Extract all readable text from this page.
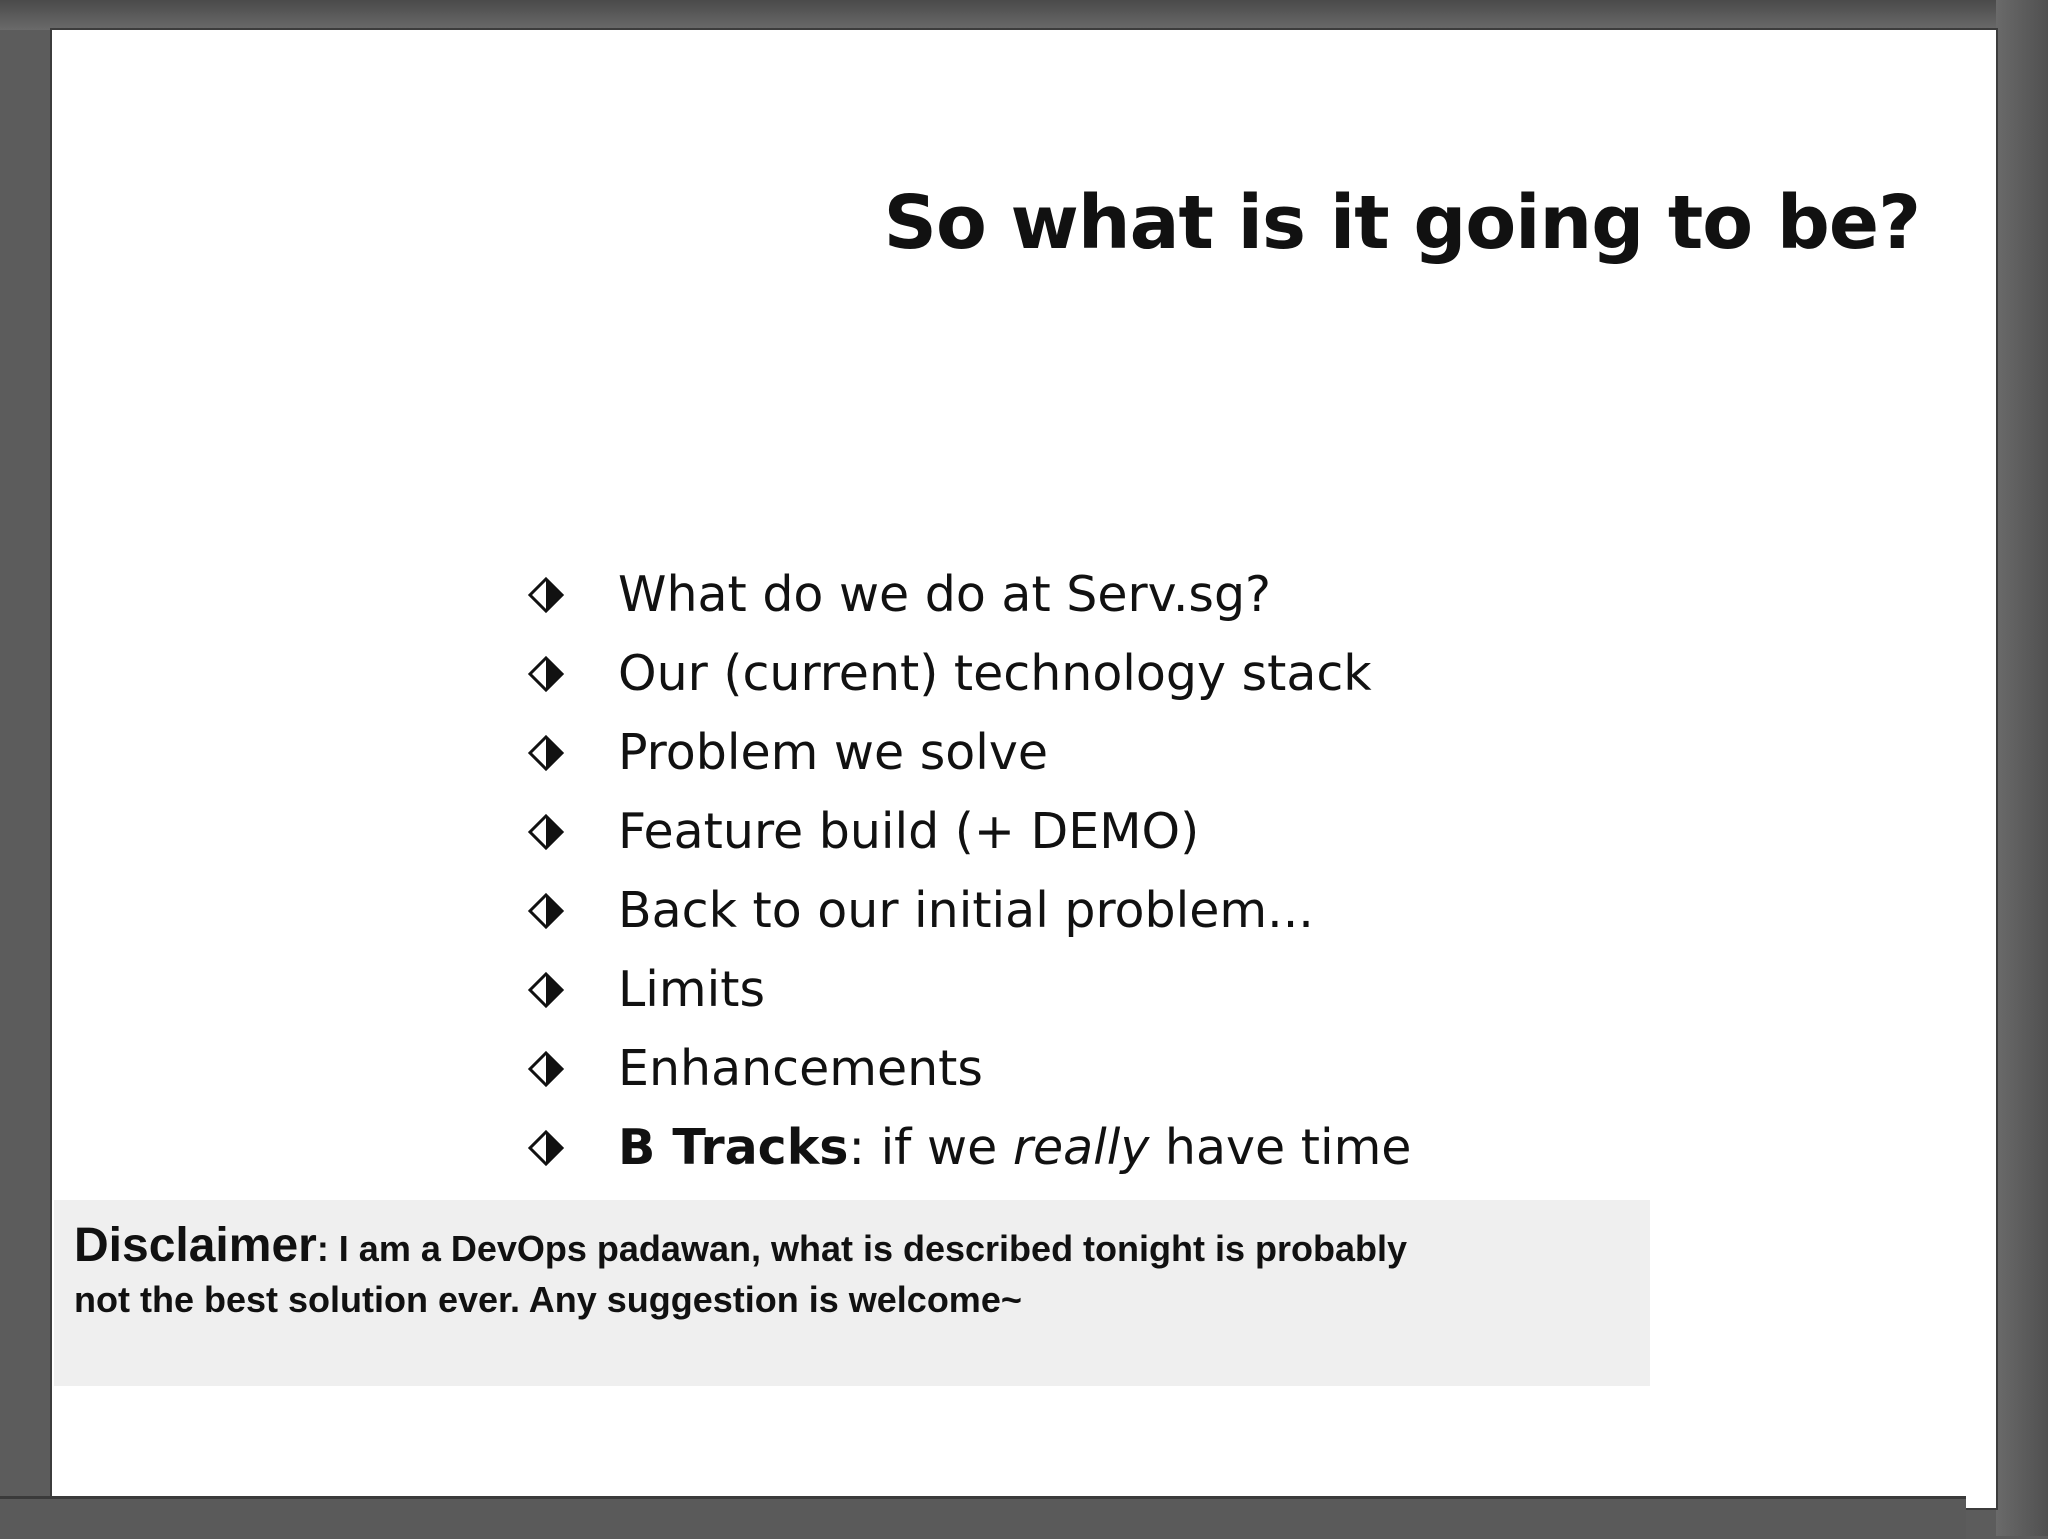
So what is it going to be?
What do we do at Serv.sg?
Our (current) technology stack
Problem we solve
Feature build (+ DEMO)
Back to our initial problem...
Limits
Enhancements
B Tracks: if we really have time
Disclaimer: I am a DevOps padawan, what is described tonight is probably
not the best solution ever. Any suggestion is welcome~
